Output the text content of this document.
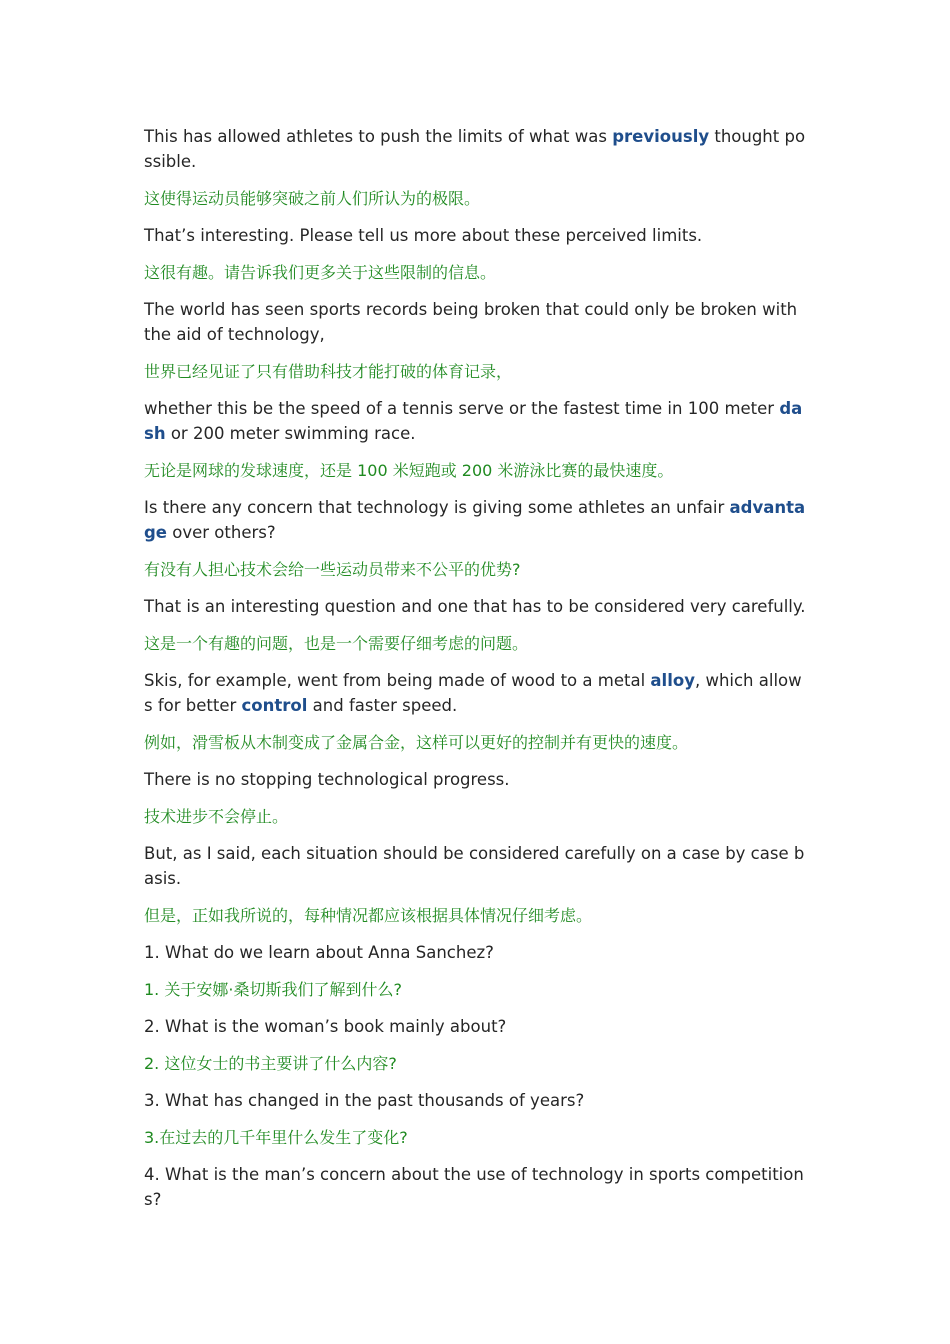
This has allowed athletes to push the limits of what was previously thought possible.

这使得运动员能够突破之前人们所认为的极限。

That’s interesting. Please tell us more about these perceived limits.

这很有趣。请告诉我们更多关于这些限制的信息。

The world has seen sports records being broken that could only be broken with the aid of technology,

世界已经见证了只有借助科技才能打破的体育记录，

whether this be the speed of a tennis serve or the fastest time in 100 meter dash or 200 meter swimming race.

无论是网球的发球速度，还是 100 米短跑或 200 米游泳比赛的最快速度。

Is there any concern that technology is giving some athletes an unfair advantage over others?

有没有人担心技术会给一些运动员带来不公平的优势?

That is an interesting question and one that has to be considered very carefully.

这是一个有趣的问题，也是一个需要仔细考虑的问题。

Skis, for example, went from being made of wood to a metal alloy, which allows for better control and faster speed.

例如，滑雪板从木制变成了金属合金，这样可以更好的控制并有更快的速度。

There is no stopping technological progress.

技术进步不会停止。

But, as I said, each situation should be considered carefully on a case by case basis.

但是，正如我所说的，每种情况都应该根据具体情况仔细考虑。

1. What do we learn about Anna Sanchez?

1. 关于安娜·桑切斯我们了解到什么?

2. What is the woman’s book mainly about?

2. 这位女士的书主要讲了什么内容?

3. What has changed in the past thousands of years?

3.在过去的几千年里什么发生了变化?

4. What is the man’s concern about the use of technology in sports competitions?
